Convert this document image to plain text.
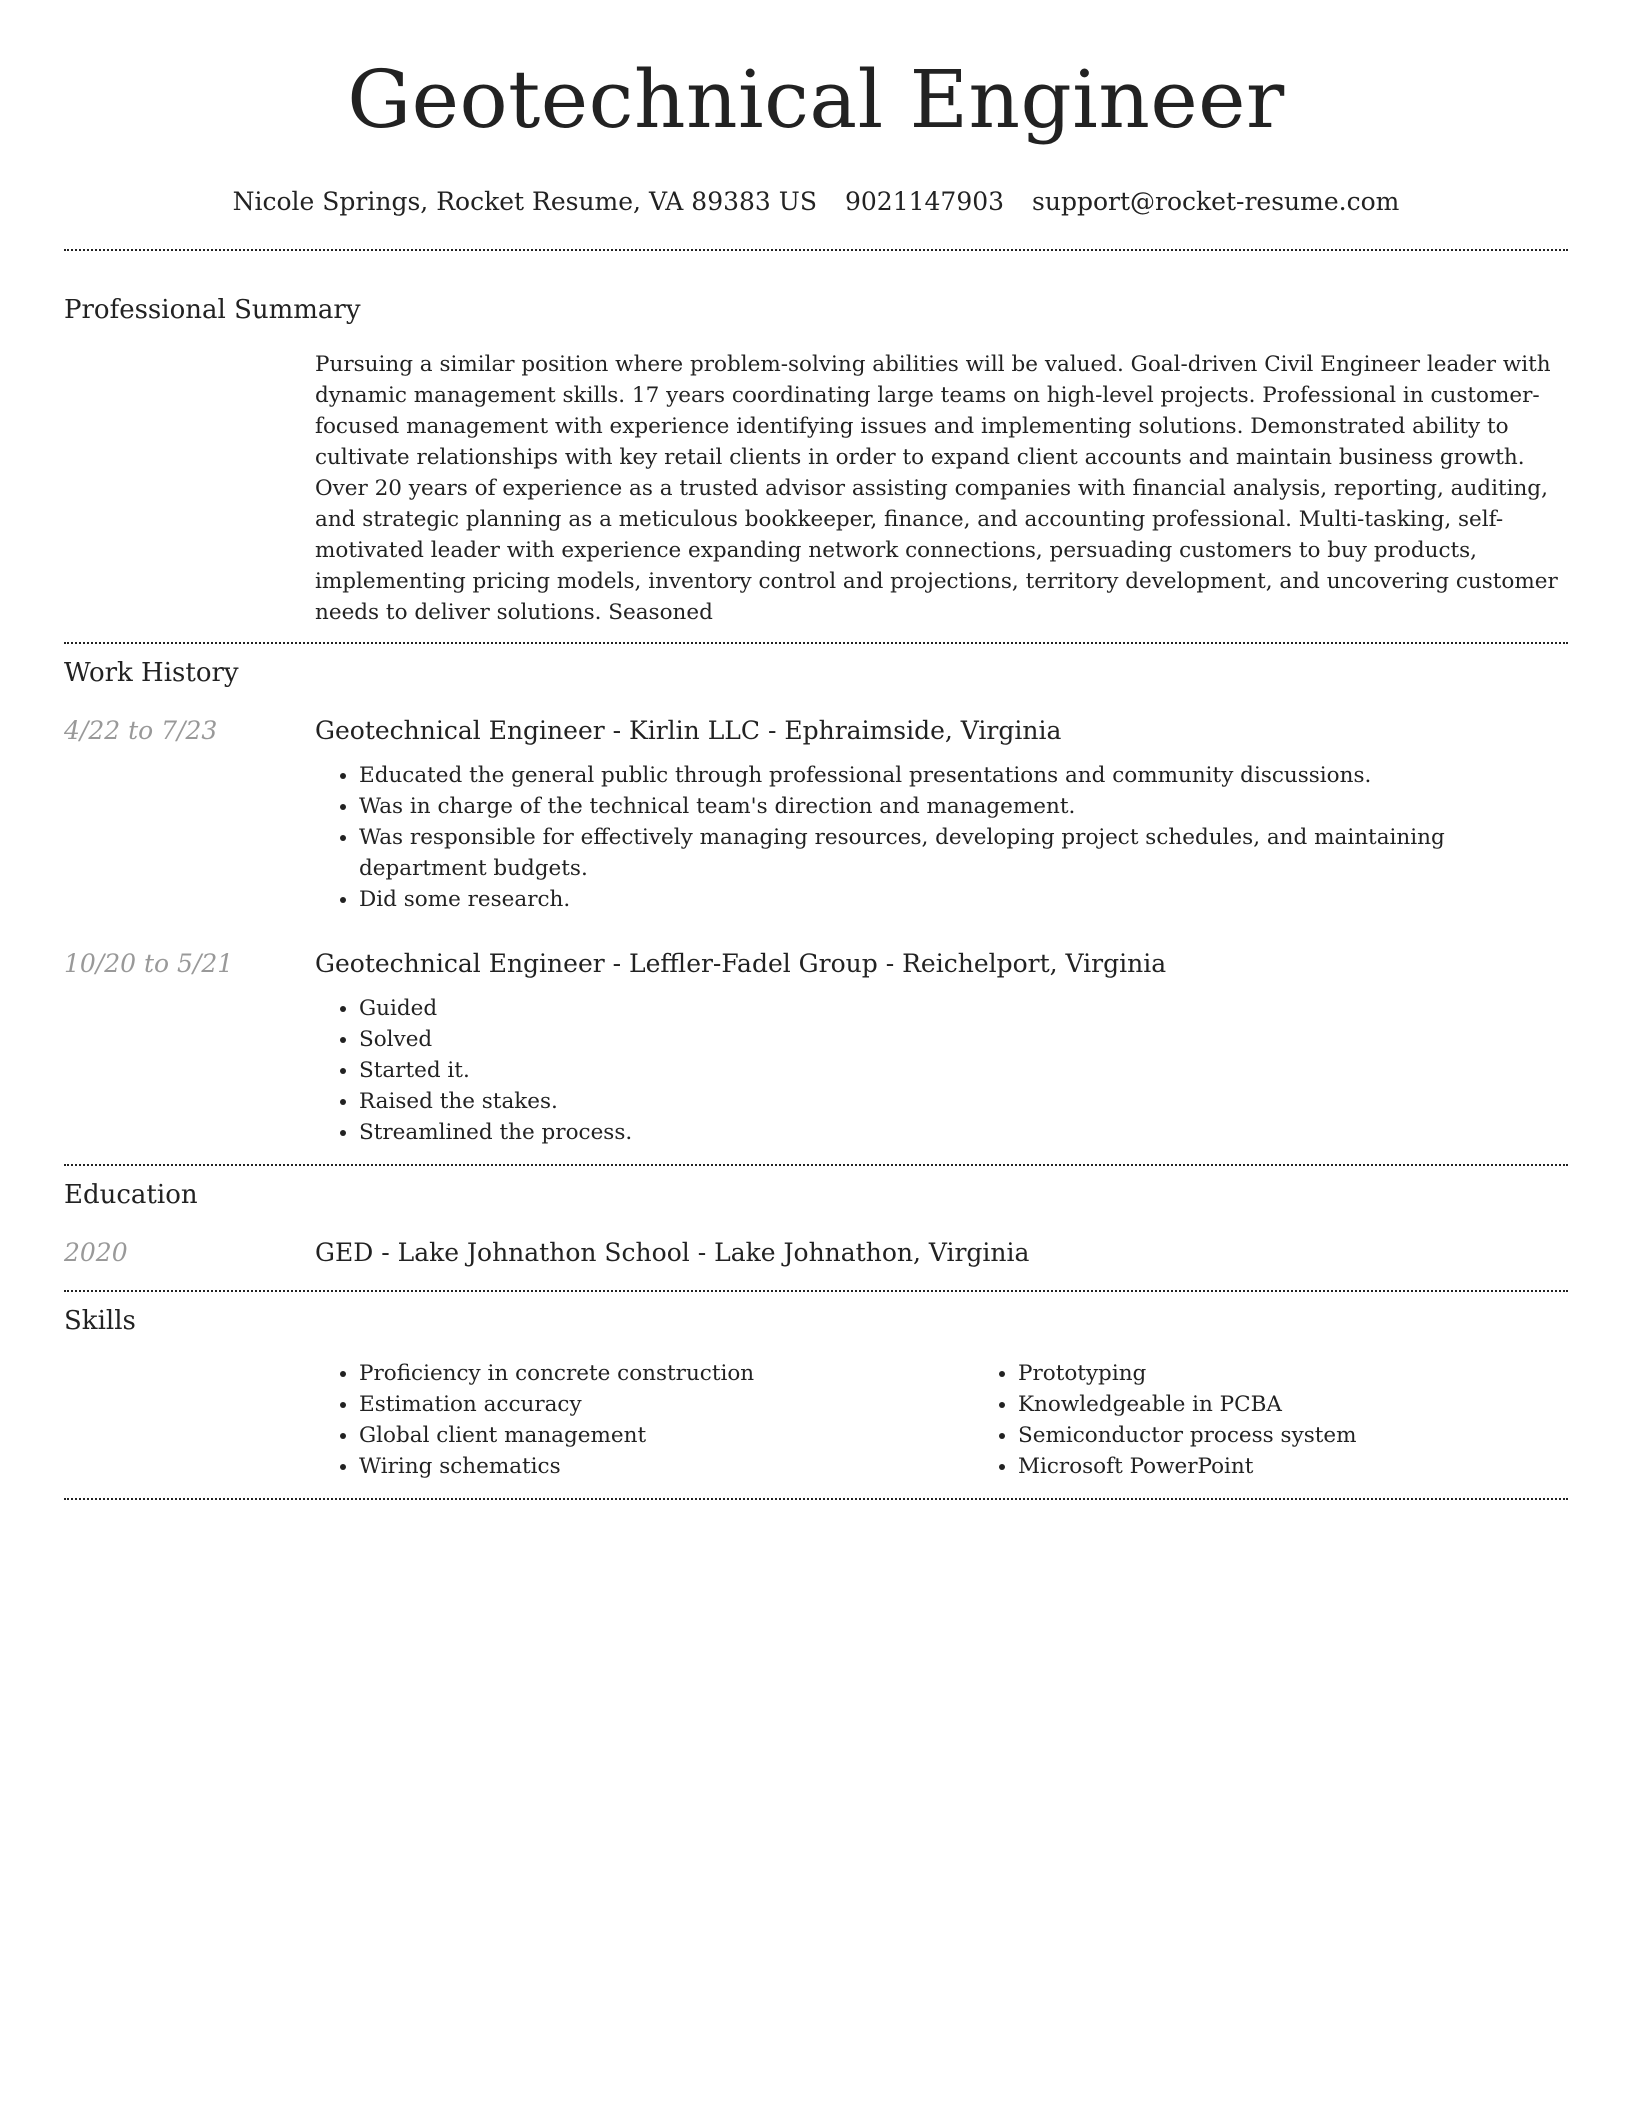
Geotechnical Engineer
Nicole Springs, Rocket Resume, VA 89383 US 9021147903 support@rocket-resume.com
Professional Summary

Pursuing a similar position where problem-solving abilities will be valued. Goal-driven Civil Engineer leader with dynamic management skills. 17 years coordinating large teams on high-level projects. Professional in customer-focused management with experience identifying issues and implementing solutions. Demonstrated ability to cultivate relationships with key retail clients in order to expand client accounts and maintain business growth. Over 20 years of experience as a trusted advisor assisting companies with financial analysis, reporting, auditing, and strategic planning as a meticulous bookkeeper, finance, and accounting professional. Multi-tasking, self-motivated leader with experience expanding network connections, persuading customers to buy products, implementing pricing models, inventory control and projections, territory development, and uncovering customer needs to deliver solutions. Seasoned

Work History
4/22 to 7/23	Geotechnical Engineer - Kirlin LLC - Ephraimside, Virginia
• Educated the general public through professional presentations and community discussions.
• Was in charge of the technical team's direction and management.
• Was responsible for effectively managing resources, developing project schedules, and maintaining department budgets.
• Did some research.
10/20 to 5/21	Geotechnical Engineer - Leffler-Fadel Group - Reichelport, Virginia
• Guided
• Solved
• Started it.
• Raised the stakes.
• Streamlined the process.
Education
2020	GED - Lake Johnathon School - Lake Johnathon, Virginia
Skills
• Proficiency in concrete construction
• Estimation accuracy
• Global client management
• Wiring schematics
• Prototyping
• Knowledgeable in PCBA
• Semiconductor process system
• Microsoft PowerPoint
